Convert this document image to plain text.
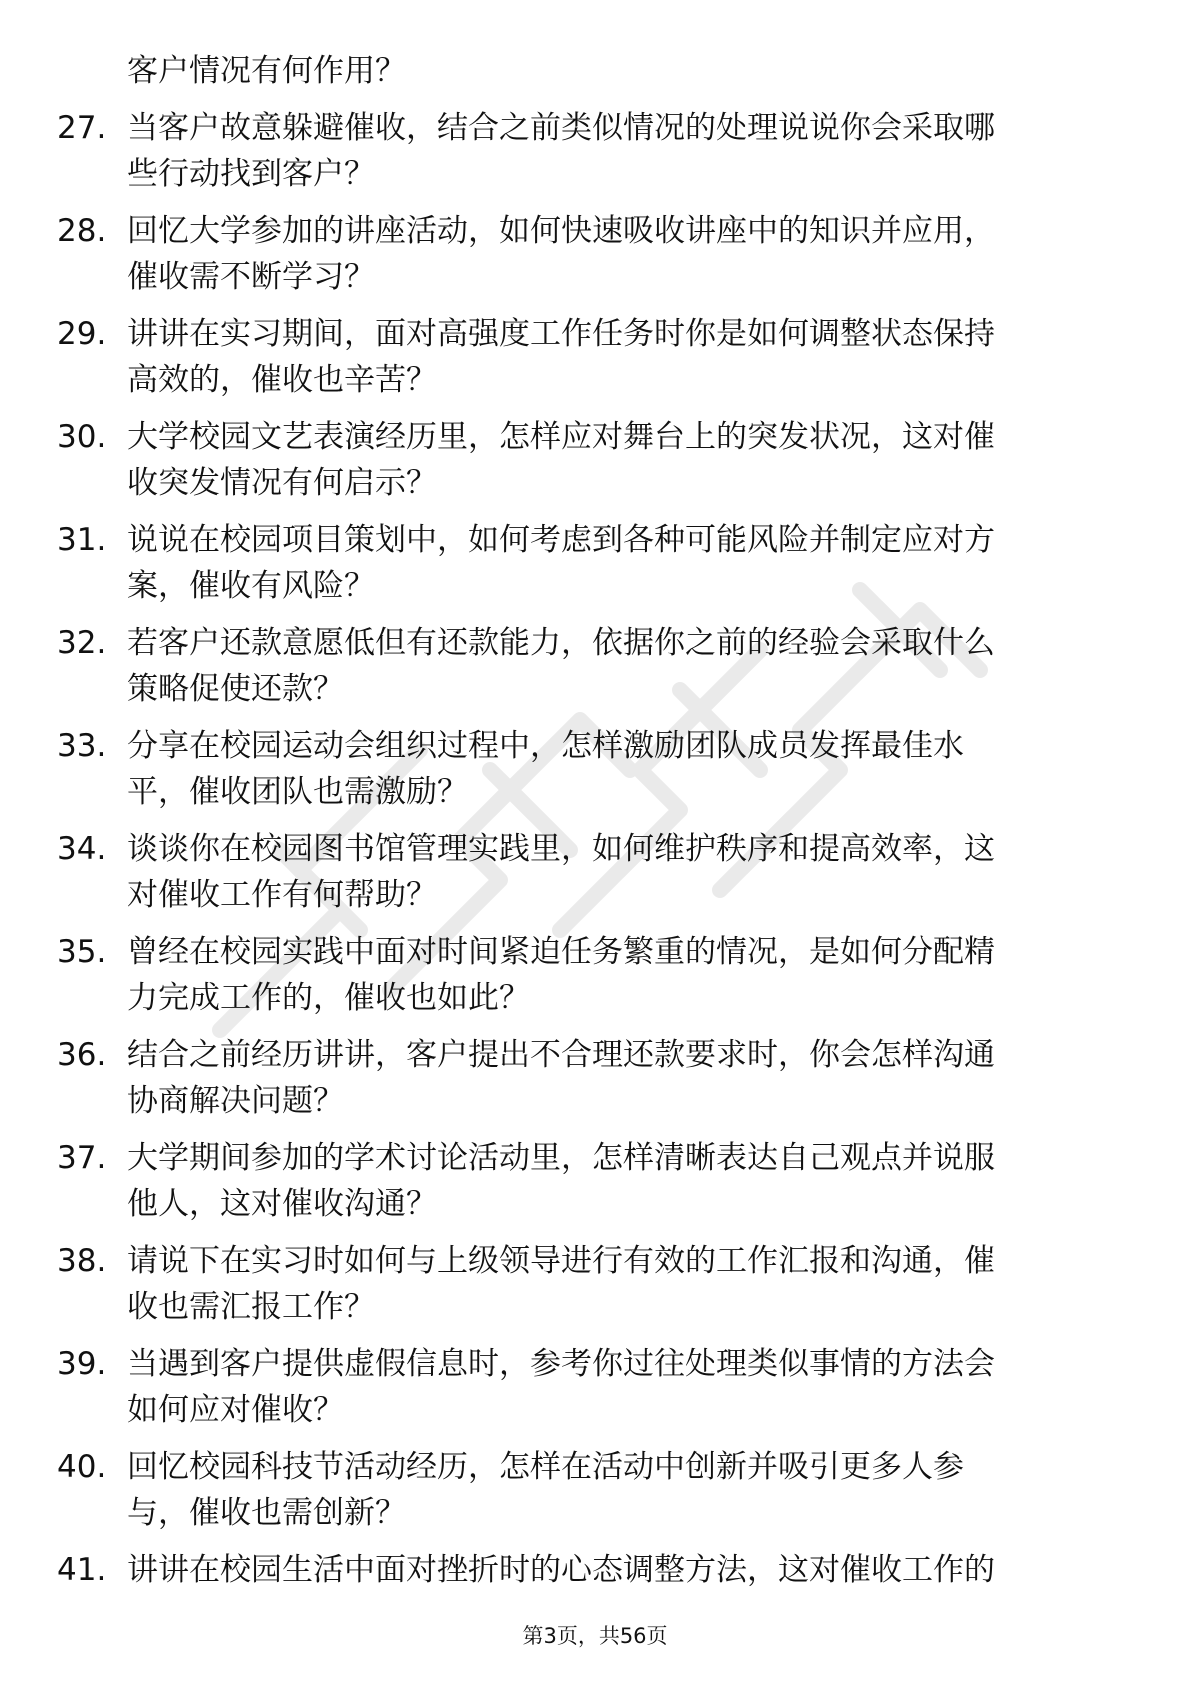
客户情况有何作用？
27. 当客户故意躲避催收，结合之前类似情况的处理说说你会采取哪
些行动找到客户？
28. 回忆大学参加的讲座活动，如何快速吸收讲座中的知识并应用，
催收需不断学习？
29. 讲讲在实习期间，面对高强度工作任务时你是如何调整状态保持
高效的，催收也辛苦？
30. 大学校园文艺表演经历里，怎样应对舞台上的突发状况，这对催
收突发情况有何启示？
31. 说说在校园项目策划中，如何考虑到各种可能风险并制定应对方
案，催收有风险？
32. 若客户还款意愿低但有还款能力，依据你之前的经验会采取什么
策略促使还款？
33. 分享在校园运动会组织过程中，怎样激励团队成员发挥最佳水
平，催收团队也需激励？
34. 谈谈你在校园图书馆管理实践里，如何维护秩序和提高效率，这
对催收工作有何帮助？
35. 曾经在校园实践中面对时间紧迫任务繁重的情况，是如何分配精
力完成工作的，催收也如此？
36. 结合之前经历讲讲，客户提出不合理还款要求时，你会怎样沟通
协商解决问题？
37. 大学期间参加的学术讨论活动里，怎样清晰表达自己观点并说服
他人，这对催收沟通？
38. 请说下在实习时如何与上级领导进行有效的工作汇报和沟通，催
收也需汇报工作？
39. 当遇到客户提供虚假信息时，参考你过往处理类似事情的方法会
如何应对催收？
40. 回忆校园科技节活动经历，怎样在活动中创新并吸引更多人参
与，催收也需创新？
41. 讲讲在校园生活中面对挫折时的心态调整方法，这对催收工作的
第3页，共56页
